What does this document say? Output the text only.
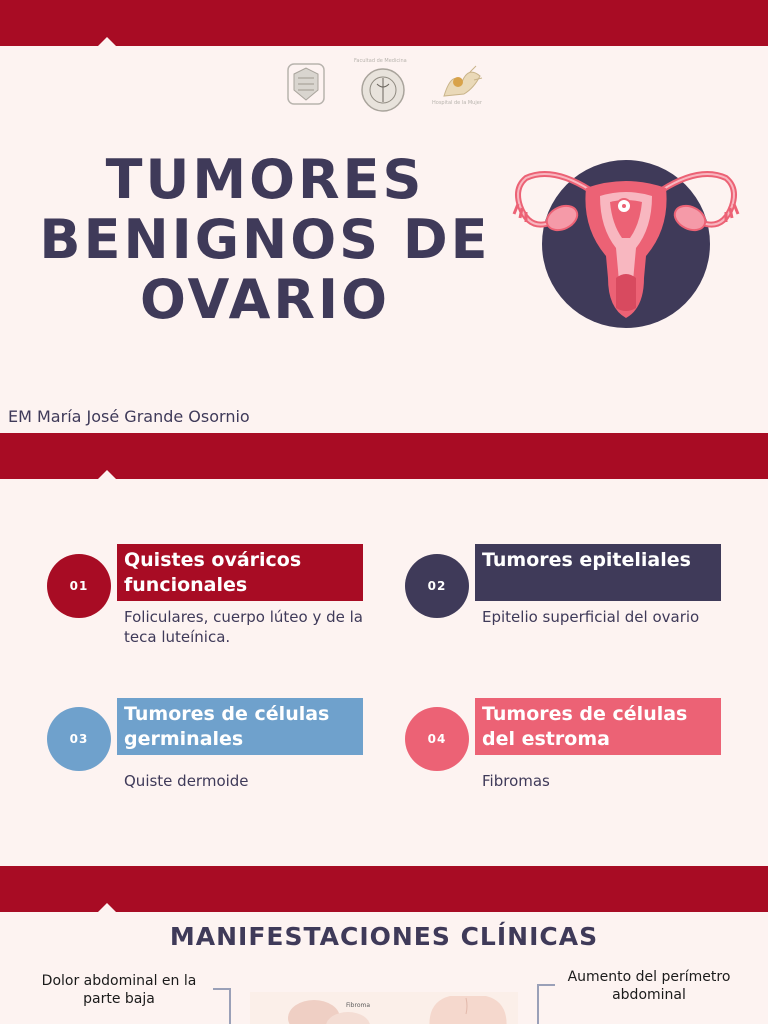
Facultad de Medicina
Hospital de la Mujer
TUMORES
BENIGNOS DE
OVARIO
EM María José Grande Osornio
01
Quistes ováricos funcionales
Foliculares, cuerpo lúteo y de la teca luteínica.
02
Tumores epiteliales
Epitelio superficial del ovario
03
Tumores de células germinales
Quiste dermoide
04
Tumores de células del estroma
Fibromas
MANIFESTACIONES CLÍNICAS
Dolor abdominal en la parte baja
Aumento del perímetro abdominal
Fibroma
